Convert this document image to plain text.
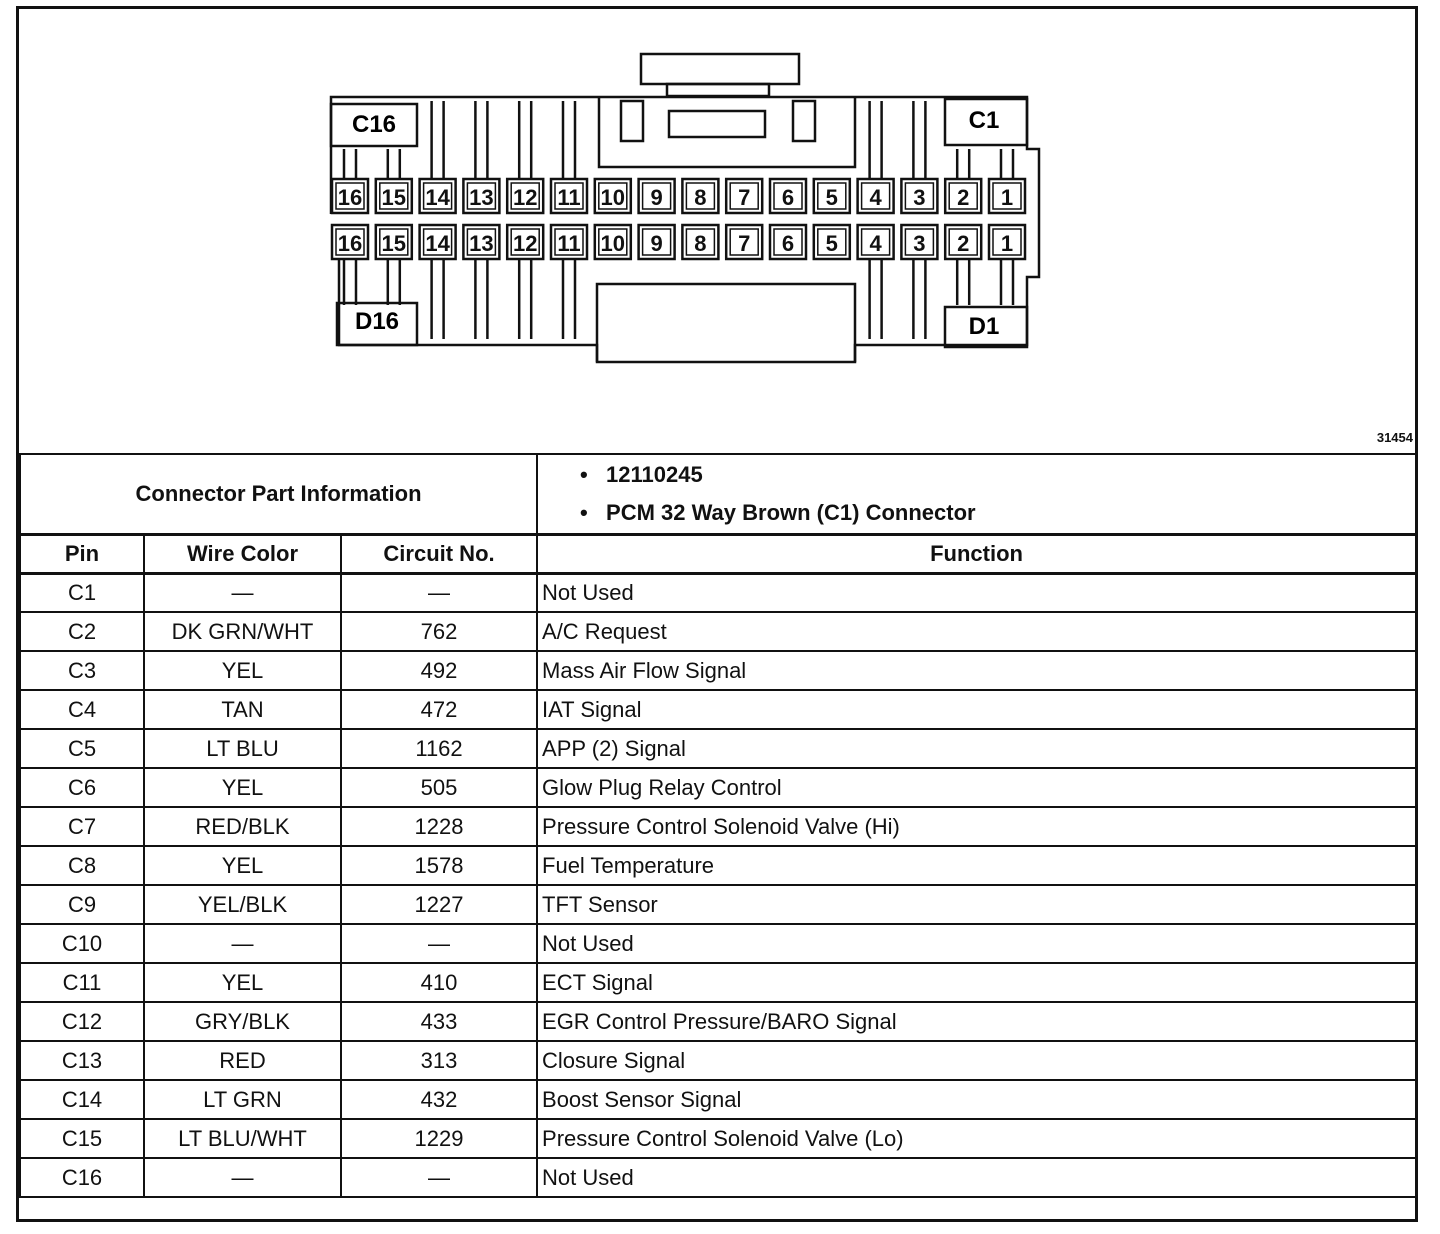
16
16
15
15
14
14
13
13
12
12
11
11
10
10
9
9
8
8
7
7
6
6
5
5
4
4
3
3
2
2
1
1
C16	C1
D16	D1
31454
Connector Part Information			• 12110245
• PCM 32 Way Brown (C1) Connector

Pin	Wire Color	Circuit No.	Function
C1	—	—	Not Used
C2	DK GRN/WHT	762	A/C Request
C3	YEL	492	Mass Air Flow Signal
C4	TAN	472	IAT Signal
C5	LT BLU	1162	APP (2) Signal
C6	YEL	505	Glow Plug Relay Control
C7	RED/BLK	1228	Pressure Control Solenoid Valve (Hi)
C8	YEL	1578	Fuel Temperature
C9	YEL/BLK	1227	TFT Sensor
C10	—	—	Not Used
C11	YEL	410	ECT Signal
C12	GRY/BLK	433	EGR Control Pressure/BARO Signal
C13	RED	313	Closure Signal
C14	LT GRN	432	Boost Sensor Signal
C15	LT BLU/WHT	1229	Pressure Control Solenoid Valve (Lo)
C16	—	—	Not Used
